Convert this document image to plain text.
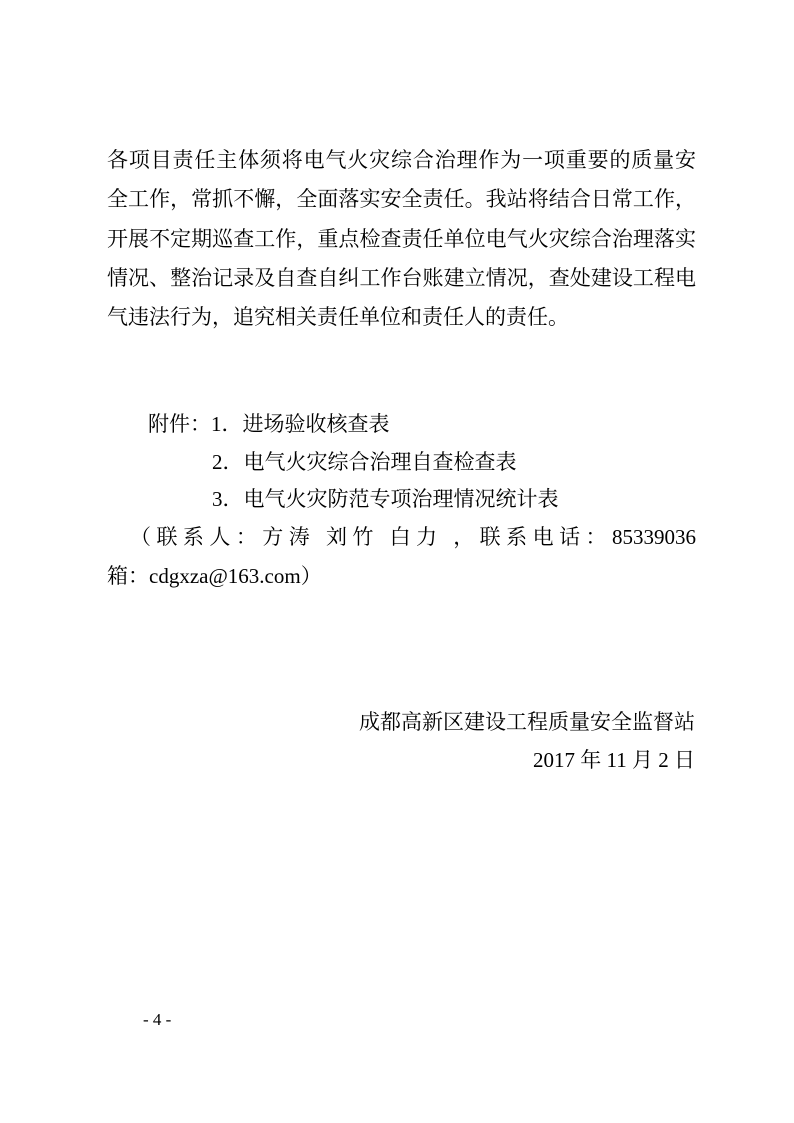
各项目责任主体须将电气火灾综合治理作为一项重要的质量安
全工作，常抓不懈，全面落实安全责任。我站将结合日常工作，
开展不定期巡查工作，重点检查责任单位电气火灾综合治理落实
情况、整治记录及自查自纠工作台账建立情况，查处建设工程电
气违法行为，追究相关责任单位和责任人的责任。
附件：1．进场验收核查表
2．电气火灾综合治理自查检查表
3．电气火灾防范专项治理情况统计表
（联系人：方涛 刘竹 白力 ，联系电话：85339036
箱：cdgxza@163.com）
成都高新区建设工程质量安全监督站
2017 年 11 月 2 日
- 4 -
